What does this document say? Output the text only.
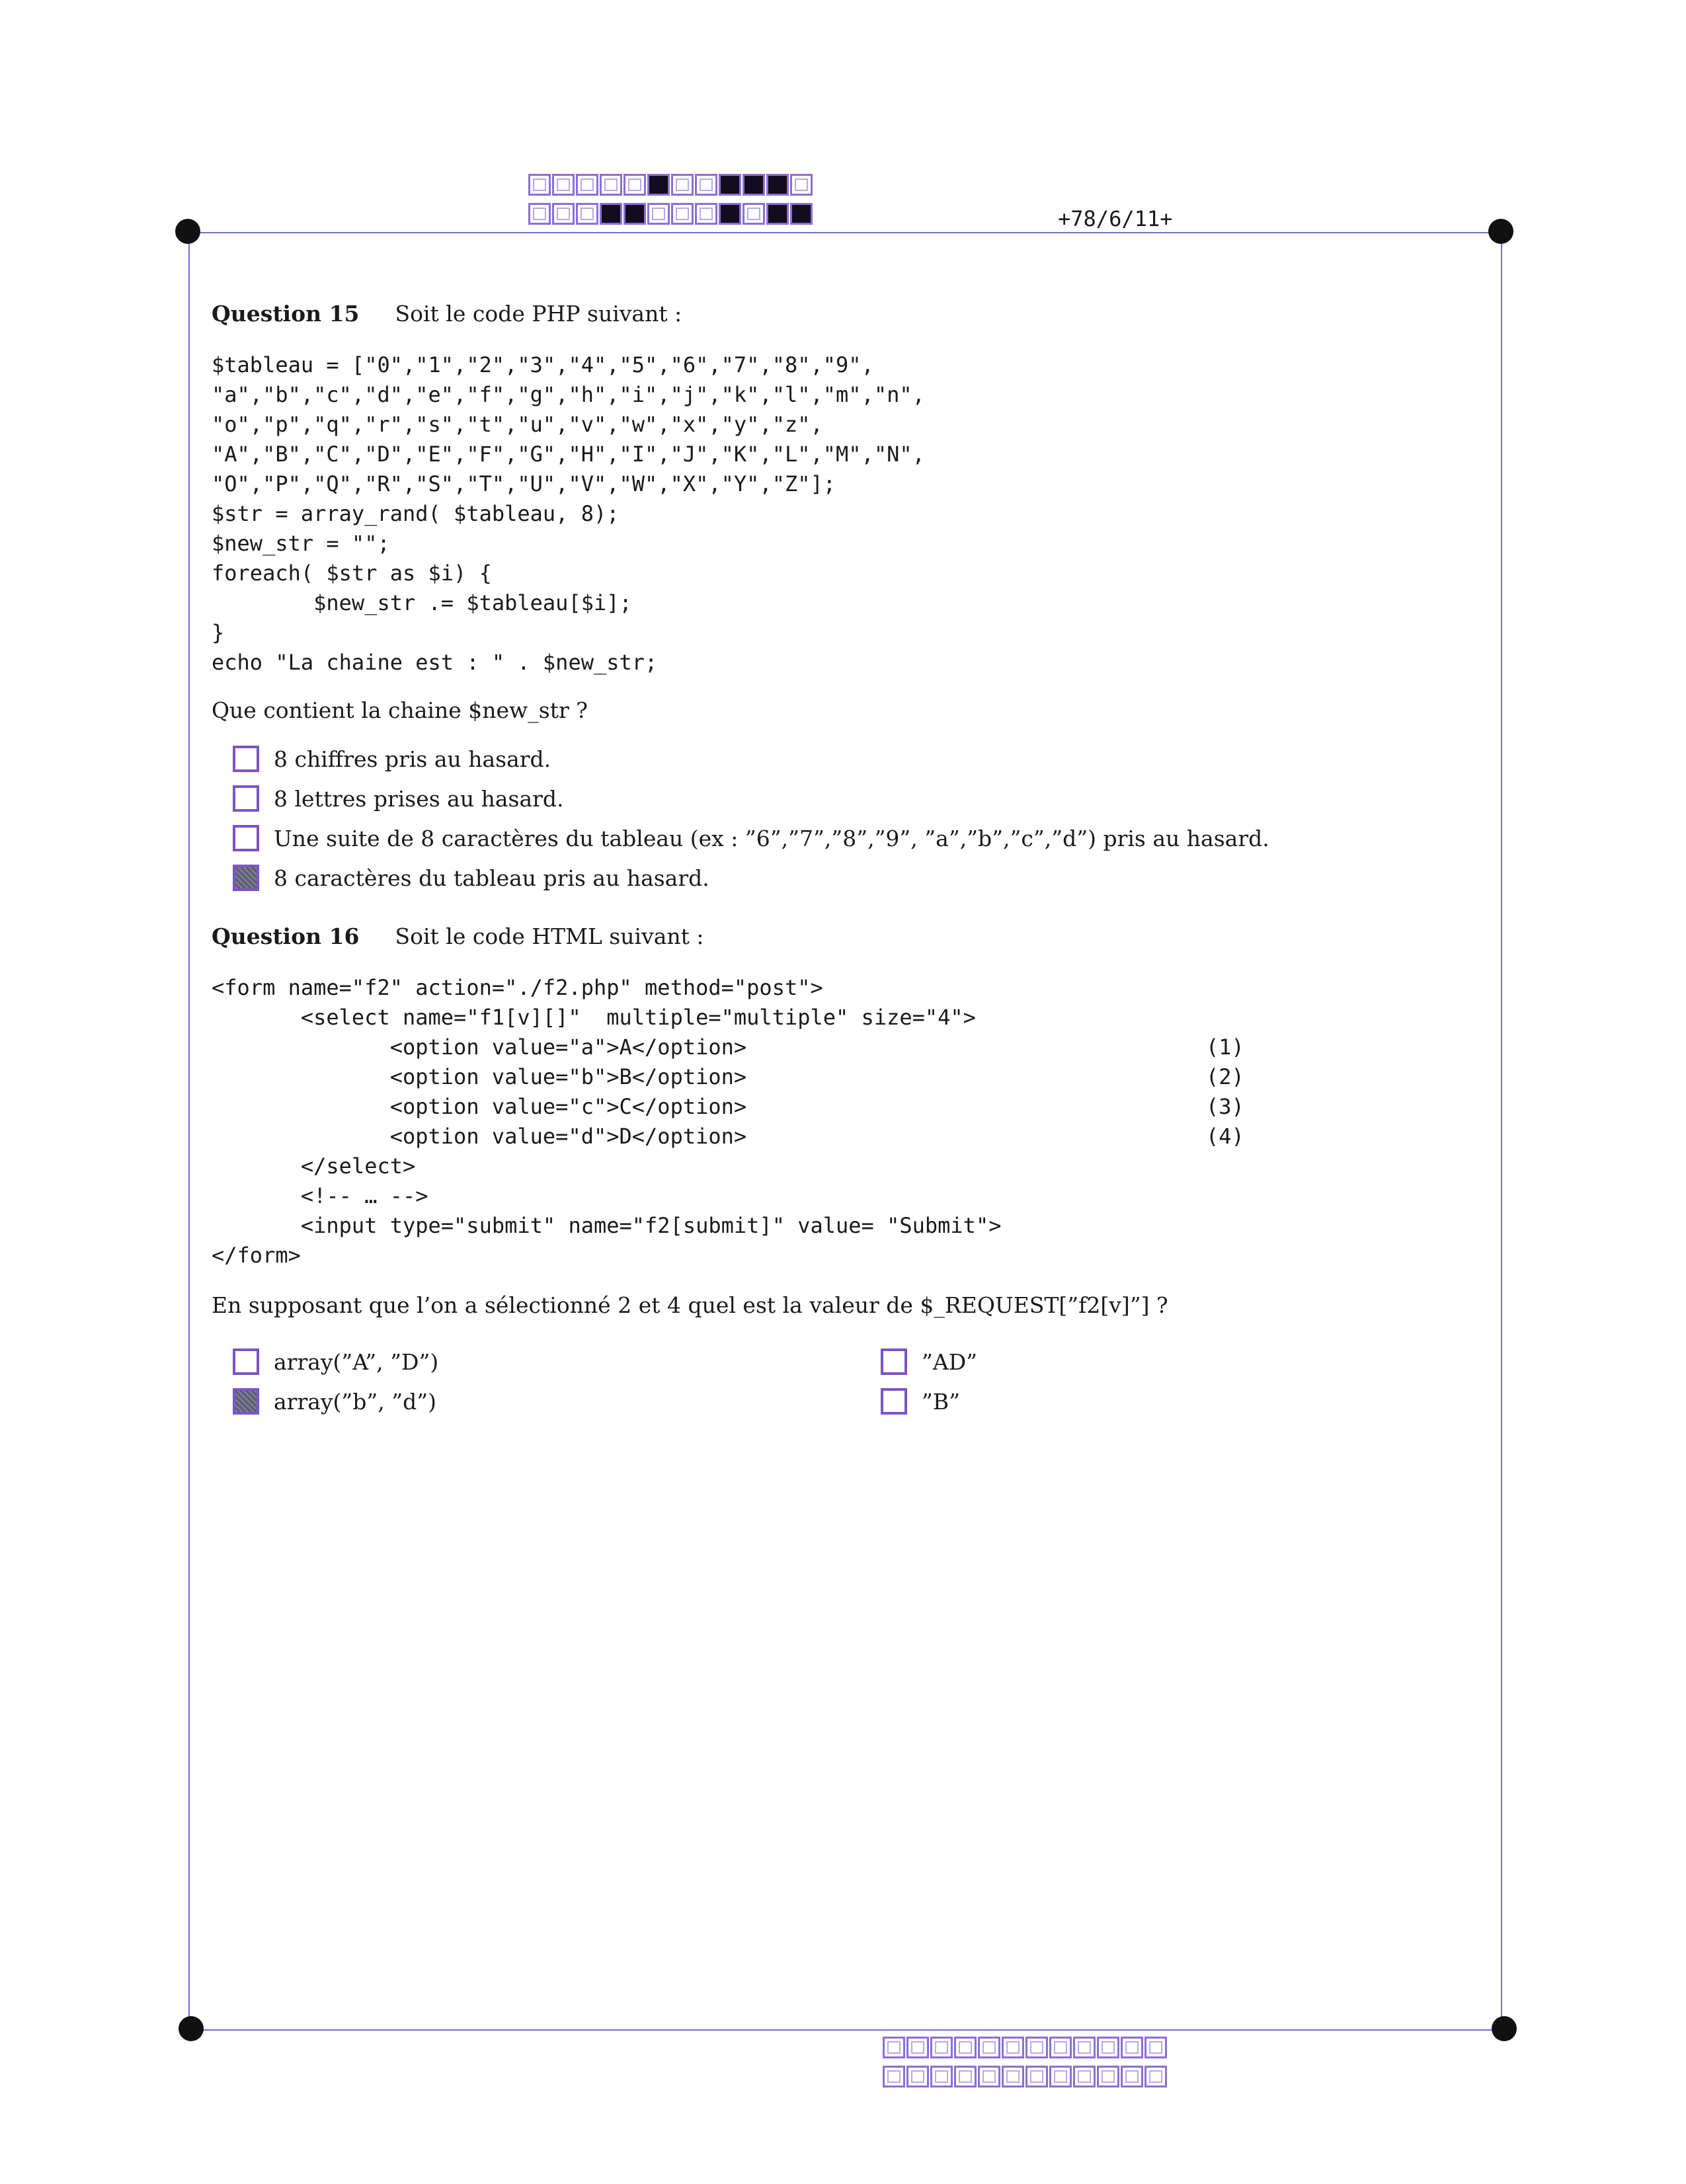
+78/6/11+
Question 15 Soit le code PHP suivant :
$tableau = ["0","1","2","3","4","5","6","7","8","9",
"a","b","c","d","e","f","g","h","i","j","k","l","m","n",
"o","p","q","r","s","t","u","v","w","x","y","z",
"A","B","C","D","E","F","G","H","I","J","K","L","M","N",
"O","P","Q","R","S","T","U","V","W","X","Y","Z"];
$str = array_rand( $tableau, 8);
$new_str = "";
foreach( $str as $i) {
$new_str .= $tableau[$i];
}
echo "La chaine est : " . $new_str;
Que contient la chaine $new_str ?
8 chiffres pris au hasard.
8 lettres prises au hasard.
Une suite de 8 caractères du tableau (ex : ”6”,”7”,”8”,”9”, ”a”,”b”,”c”,”d”) pris au hasard.
8 caractères du tableau pris au hasard.
Question 16 Soit le code HTML suivant :
<form name="f2" action="./f2.php" method="post">
<select name="f1[v][]"  multiple="multiple" size="4">
<option value="a">A</option>
<option value="b">B</option>
<option value="c">C</option>
<option value="d">D</option>
</select>
<!-- … -->
<input type="submit" name="f2[submit]" value= "Submit">
</form>
(1)
(2)
(3)
(4)
En supposant que l’on a sélectionné 2 et 4 quel est la valeur de $_REQUEST[”f2[v]”] ?
array(”A”, ”D”)	”AD”
array(”b”, ”d”)	”B”
